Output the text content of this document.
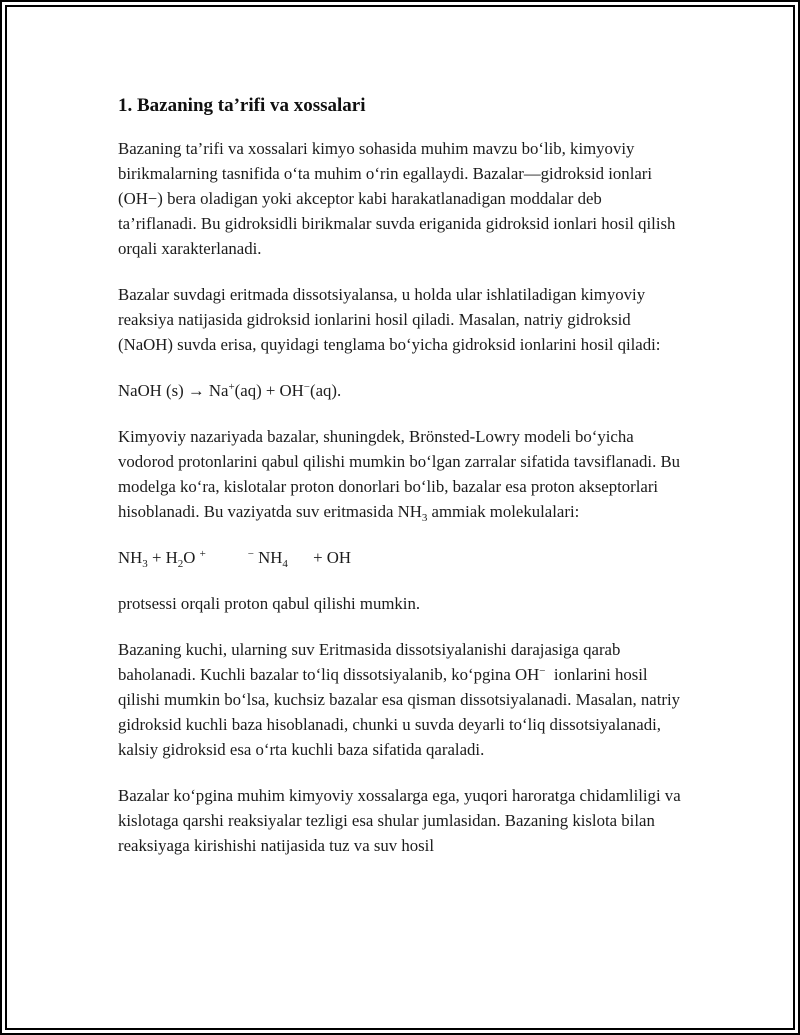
1. Bazaning ta’rifi va xossalari

Bazaning ta’rifi va xossalari kimyo sohasida muhim mavzu bo‘lib, kimyoviy birikmalarning tasnifida o‘ta muhim o‘rin egallaydi. Bazalar—gidroksid ionlari (OH−) bera oladigan yoki akceptor kabi harakatlanadigan moddalar deb ta’riflanadi. Bu gidroksidli birikmalar suvda eriganida gidroksid ionlari hosil qilish orqali xarakterlanadi.

Bazalar suvdagi eritmada dissotsiyalansa, u holda ular ishlatiladigan kimyoviy reaksiya natijasida gidroksid ionlarini hosil qiladi. Masalan, natriy gidroksid (NaOH) suvda erisa, quyidagi tenglama bo‘yicha gidroksid ionlarini hosil qiladi:

NaOH (s) → Na+(aq) + OH−(aq).

Kimyoviy nazariyada bazalar, shuningdek, Brönsted-Lowry modeli bo‘yicha vodorod protonlarini qabul qilishi mumkin bo‘lgan zarralar sifatida tavsiflanadi. Bu modelga ko‘ra, kislotalar proton donorlari bo‘lib, bazalar esa proton akseptorlari hisoblanadi. Bu vaziyatda suv eritmasida $NH_3$ ammiak molekulalari:

$NH_3 + H_2O$ +	− $NH_4$      + OH

protsessi orqali proton qabul qilishi mumkin.

Bazaning kuchi, ularning suv Eritmasida dissotsiyalanishi darajasiga qarab baholanadi. Kuchli bazalar to‘liq dissotsiyalanib, ko‘pgina OH−  ionlarini hosil qilishi mumkin bo‘lsa, kuchsiz bazalar esa qisman dissotsiyalanadi. Masalan, natriy gidroksid kuchli baza hisoblanadi, chunki u suvda deyarli to‘liq dissotsiyalanadi, kalsiy gidroksid esa o‘rta kuchli baza sifatida qaraladi.

Bazalar ko‘pgina muhim kimyoviy xossalarga ega, yuqori haroratga chidamliligi va kislotaga qarshi reaksiyalar tezligi esa shular jumlasidan. Bazaning kislota bilan reaksiyaga kirishishi natijasida tuz va suv hosil
